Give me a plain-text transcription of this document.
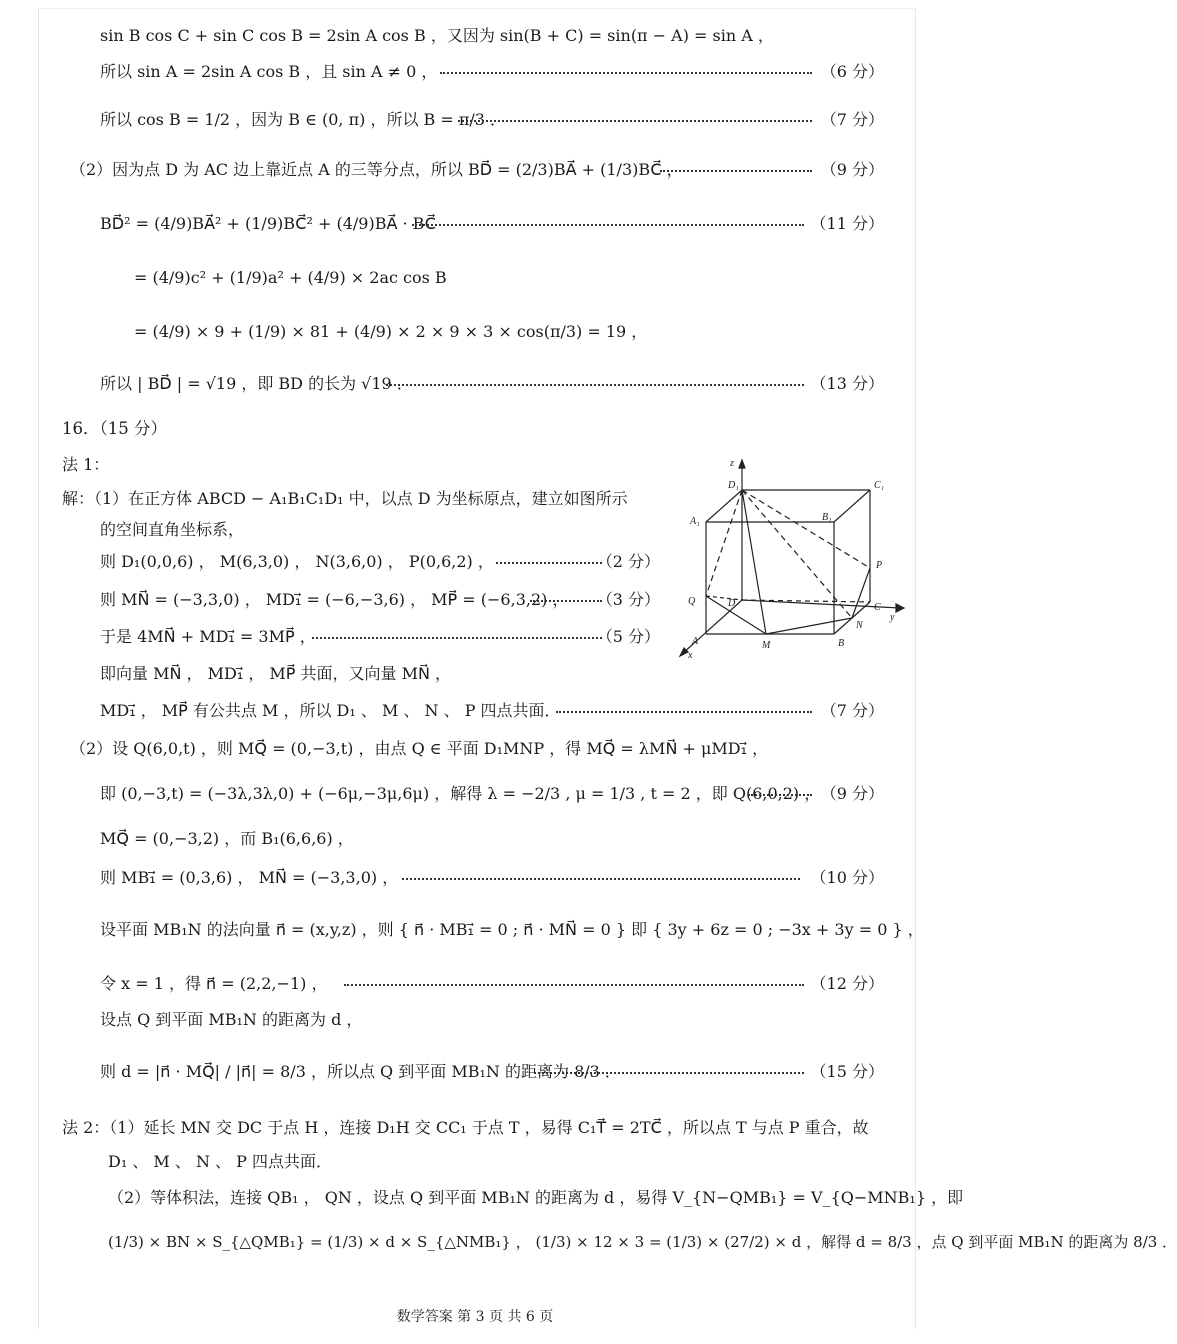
sin B cos C + sin C cos B = 2sin A cos B ，又因为 sin(B + C) = sin(π − A) = sin A ，
所以 sin A = 2sin A cos B ，且 sin A ≠ 0 ，
所以 cos B = 1/2 ，因为 B ∈ (0, π) ，所以 B = π/3 ．
（2）因为点 D 为 AC 边上靠近点 A 的三等分点，所以 BD⃗ = (2/3)BA⃗ + (1/3)BC⃗ ，
BD⃗² = (4/9)BA⃗² + (1/9)BC⃗² + (4/9)BA⃗ · BC⃗
= (4/9)c² + (1/9)a² + (4/9) × 2ac cos B
= (4/9) × 9 + (1/9) × 81 + (4/9) × 2 × 9 × 3 × cos(π/3) = 19 ，
所以 | BD⃗ | = √19 ，即 BD 的长为 √19 ．
16．（15 分）
法 1：
解：（1）在正方体 ABCD − A₁B₁C₁D₁ 中，以点 D 为坐标原点，建立如图所示
的空间直角坐标系，
则 D₁(0,0,6) ， M(6,3,0) ， N(3,6,0) ， P(0,6,2) ，
则 MN⃗ = (−3,3,0) ， MD₁⃗ = (−6,−3,6) ， MP⃗ = (−6,3,2) ，
于是 4MN⃗ + MD₁⃗ = 3MP⃗ ，
即向量 MN⃗ ， MD₁⃗ ， MP⃗ 共面，又向量 MN⃗ ，
MD₁⃗ ， MP⃗ 有公共点 M ，所以 D₁ 、 M 、 N 、 P 四点共面．
（2）设 Q(6,0,t) ，则 MQ⃗ = (0,−3,t) ，由点 Q ∈ 平面 D₁MNP ，得 MQ⃗ = λMN⃗ + μMD₁⃗ ，
即 (0,−3,t) = (−3λ,3λ,0) + (−6μ,−3μ,6μ) ，解得 λ = −2/3 , μ = 1/3 , t = 2 ，即 Q(6,0,2) ，
MQ⃗ = (0,−3,2) ，而 B₁(6,6,6) ，
则 MB₁⃗ = (0,3,6) ， MN⃗ = (−3,3,0) ，
设平面 MB₁N 的法向量 n⃗ = (x,y,z) ，则 { n⃗ · MB₁⃗ = 0 ; n⃗ · MN⃗ = 0 } 即 { 3y + 6z = 0 ; −3x + 3y = 0 } ，
令 x = 1 ，得 n⃗ = (2,2,−1) ，
设点 Q 到平面 MB₁N 的距离为 d ，
则 d = |n⃗ · MQ⃗| / |n⃗| = 8/3 ，所以点 Q 到平面 MB₁N 的距离为 8/3 ．
法 2：（1）延长 MN 交 DC 于点 H ，连接 D₁H 交 CC₁ 于点 T ，易得 C₁T⃗ = 2TC⃗ ，所以点 T 与点 P 重合，故
D₁ 、 M 、 N 、 P 四点共面．
（2）等体积法，连接 QB₁ ， QN ，设点 Q 到平面 MB₁N 的距离为 d ，易得 V_{N−QMB₁} = V_{Q−MNB₁} ，即
(1/3) × BN × S_{△QMB₁} = (1/3) × d × S_{△NMB₁} ， (1/3) × 12 × 3 = (1/3) × (27/2) × d ，解得 d = 8/3 ，点 Q 到平面 MB₁N 的距离为 8/3 ．
（6 分）
（7 分）
（9 分）
（11 分）
（13 分）
（2 分）
（3 分）
（5 分）
（7 分）
（9 分）
（10 分）
（12 分）
（15 分）
z
D₁	C₁
A₁	B₁
P
Q	D	C
y
N
A	M	B
x
数学答案 第 3 页 共 6 页
